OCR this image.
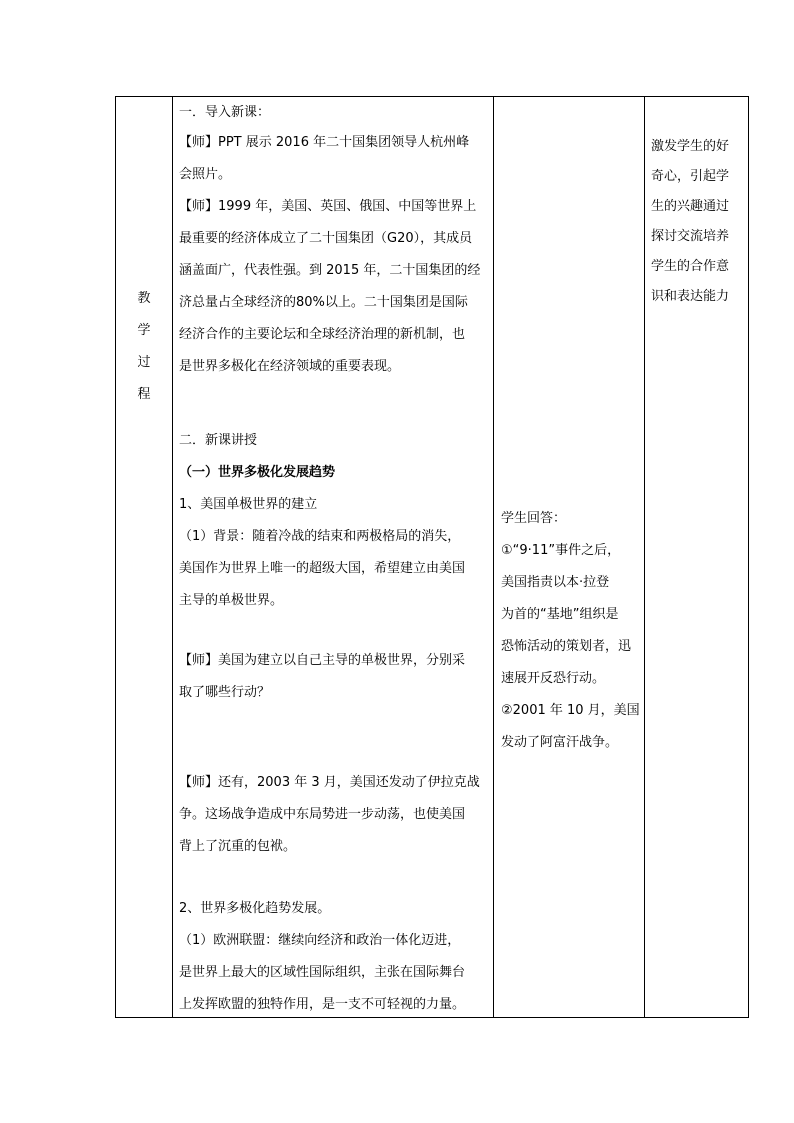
教
学
过
程
一．导入新课：
【师】PPT 展示 2016 年二十国集团领导人杭州峰
会照片。
【师】1999 年，美国、英国、俄国、中国等世界上
最重要的经济体成立了二十国集团（G20），其成员
涵盖面广，代表性强。到 2015 年，二十国集团的经
济总量占全球经济的80%以上。二十国集团是国际
经济合作的主要论坛和全球经济治理的新机制，也
是世界多极化在经济领域的重要表现。
二．新课讲授
（一）世界多极化发展趋势
1、美国单极世界的建立
（1）背景：随着冷战的结束和两极格局的消失，
美国作为世界上唯一的超级大国，希望建立由美国
主导的单极世界。
【师】美国为建立以自己主导的单极世界，分别采
取了哪些行动？
【师】还有，2003 年 3 月，美国还发动了伊拉克战
争。这场战争造成中东局势进一步动荡，也使美国
背上了沉重的包袱。
2、世界多极化趋势发展。
（1）欧洲联盟：继续向经济和政治一体化迈进，
是世界上最大的区域性国际组织，主张在国际舞台
上发挥欧盟的独特作用，是一支不可轻视的力量。
学生回答：
①“9·11”事件之后，
美国指责以本·拉登
为首的“基地”组织是
恐怖活动的策划者，迅
速展开反恐行动。
②2001 年 10 月，美国
发动了阿富汗战争。
激发学生的好
奇心，引起学
生的兴趣通过
探讨交流培养
学生的合作意
识和表达能力
